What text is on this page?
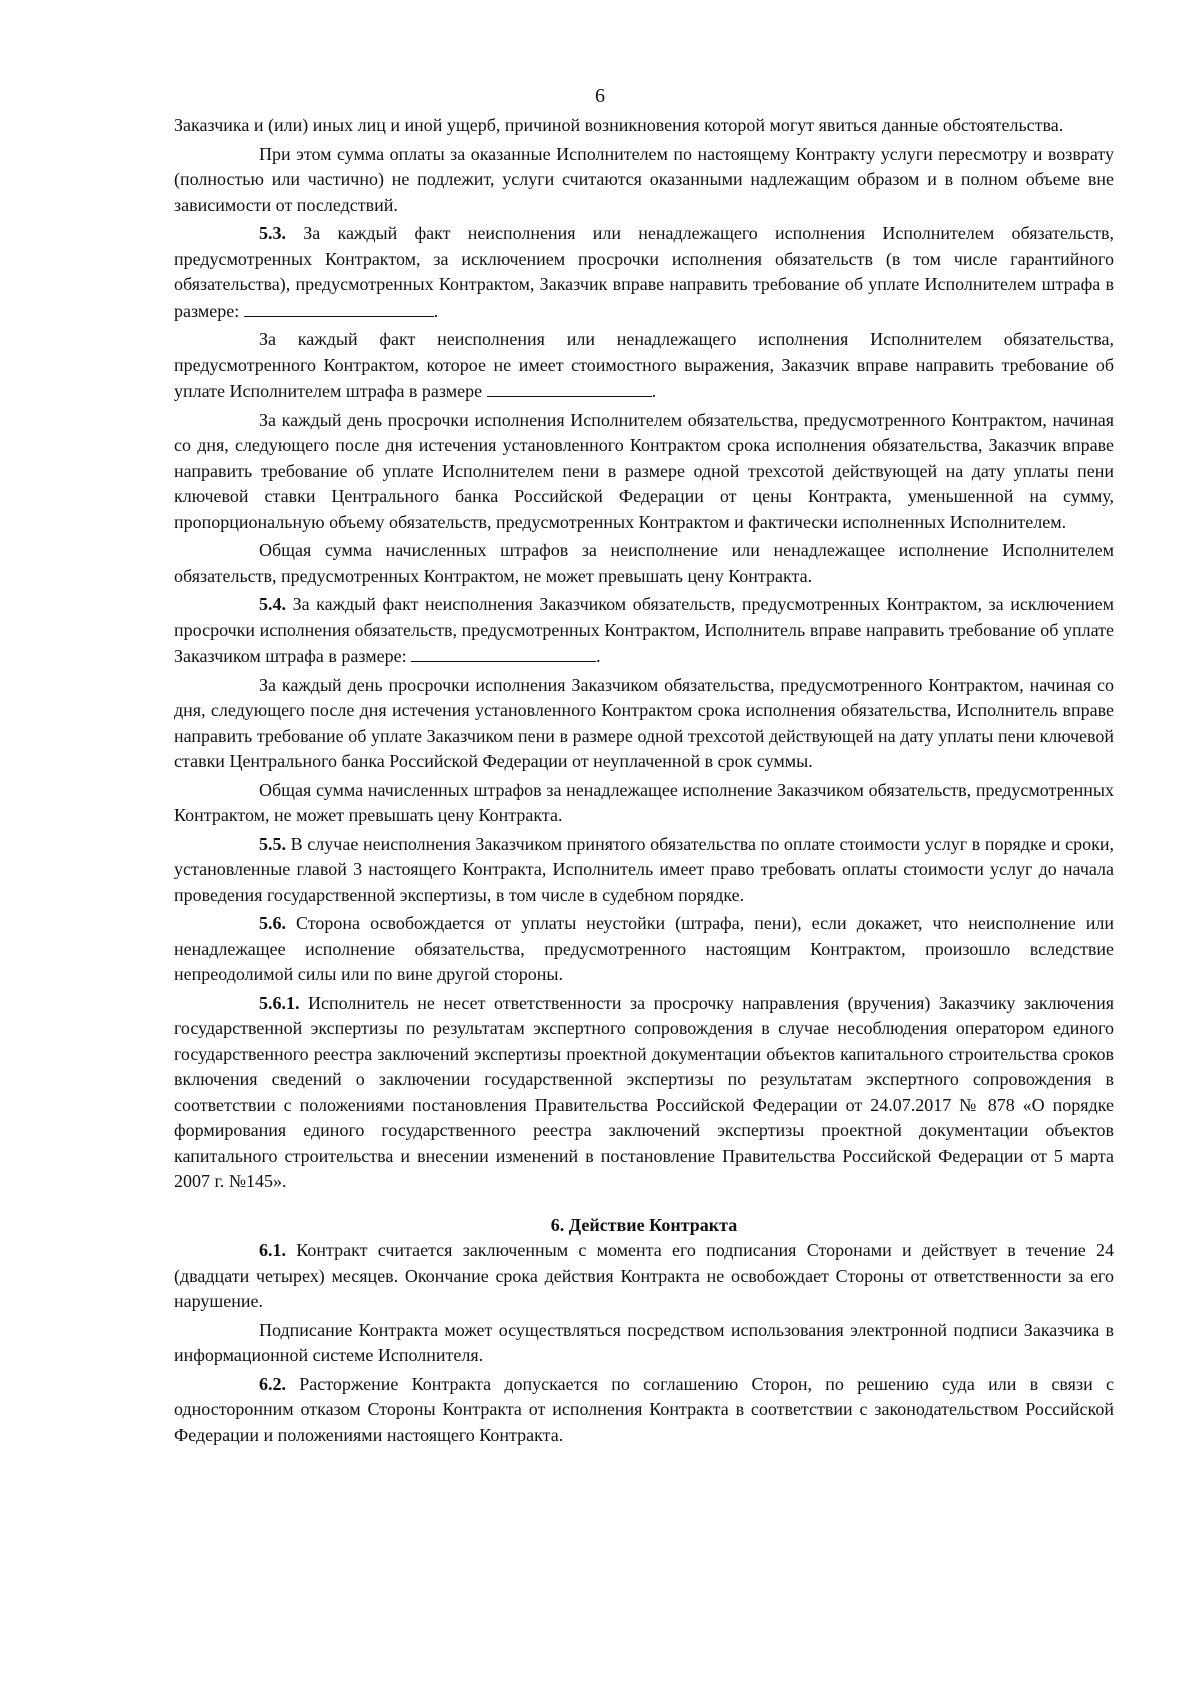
6

Заказчика и (или) иных лиц и иной ущерб, причиной возникновения которой могут явиться данные обстоятельства.

При этом сумма оплаты за оказанные Исполнителем по настоящему Контракту услуги пересмотру и возврату (полностью или частично) не подлежит, услуги считаются оказанными надлежащим образом и в полном объеме вне зависимости от последствий.

5.3. За каждый факт неисполнения или ненадлежащего исполнения Исполнителем обязательств, предусмотренных Контрактом, за исключением просрочки исполнения обязательств (в том числе гарантийного обязательства), предусмотренных Контрактом, Заказчик вправе направить требование об уплате Исполнителем штрафа в размере:	.

За каждый факт неисполнения или ненадлежащего исполнения Исполнителем обязательства, предусмотренного Контрактом, которое не имеет стоимостного выражения, Заказчик вправе направить требование об уплате Исполнителем штрафа в размере	.

За каждый день просрочки исполнения Исполнителем обязательства, предусмотренного Контрактом, начиная со дня, следующего после дня истечения установленного Контрактом срока исполнения обязательства, Заказчик вправе направить требование об уплате Исполнителем пени в размере одной трехсотой действующей на дату уплаты пени ключевой ставки Центрального банка Российской Федерации от цены Контракта, уменьшенной на сумму, пропорциональную объему обязательств, предусмотренных Контрактом и фактически исполненных Исполнителем.

Общая сумма начисленных штрафов за неисполнение или ненадлежащее исполнение Исполнителем обязательств, предусмотренных Контрактом, не может превышать цену Контракта.

5.4. За каждый факт неисполнения Заказчиком обязательств, предусмотренных Контрактом, за исключением просрочки исполнения обязательств, предусмотренных Контрактом, Исполнитель вправе направить требование об уплате Заказчиком штрафа в размере:	.

За каждый день просрочки исполнения Заказчиком обязательства, предусмотренного Контрактом, начиная со дня, следующего после дня истечения установленного Контрактом срока исполнения обязательства, Исполнитель вправе направить требование об уплате Заказчиком пени в размере одной трехсотой действующей на дату уплаты пени ключевой ставки Центрального банка Российской Федерации от неуплаченной в срок суммы.

Общая сумма начисленных штрафов за ненадлежащее исполнение Заказчиком обязательств, предусмотренных Контрактом, не может превышать цену Контракта.

5.5. В случае неисполнения Заказчиком принятого обязательства по оплате стоимости услуг в порядке и сроки, установленные главой 3 настоящего Контракта, Исполнитель имеет право требовать оплаты стоимости услуг до начала проведения государственной экспертизы, в том числе в судебном порядке.

5.6. Сторона освобождается от уплаты неустойки (штрафа, пени), если докажет, что неисполнение или ненадлежащее исполнение обязательства, предусмотренного настоящим Контрактом, произошло вследствие непреодолимой силы или по вине другой стороны.

5.6.1. Исполнитель не несет ответственности за просрочку направления (вручения) Заказчику заключения государственной экспертизы по результатам экспертного сопровождения в случае несоблюдения оператором единого государственного реестра заключений экспертизы проектной документации объектов капитального строительства сроков включения сведений о заключении государственной экспертизы по результатам экспертного сопровождения в соответствии с положениями постановления Правительства Российской Федерации от 24.07.2017 № 878 «О порядке формирования единого государственного реестра заключений экспертизы проектной документации объектов капитального строительства и внесении изменений в постановление Правительства Российской Федерации от 5 марта 2007 г. №145».

6. Действие Контракта

6.1. Контракт считается заключенным с момента его подписания Сторонами и действует в течение 24 (двадцати четырех) месяцев. Окончание срока действия Контракта не освобождает Стороны от ответственности за его нарушение.

Подписание Контракта может осуществляться посредством использования электронной подписи Заказчика в информационной системе Исполнителя.

6.2. Расторжение Контракта допускается по соглашению Сторон, по решению суда или в связи с односторонним отказом Стороны Контракта от исполнения Контракта в соответствии с законодательством Российской Федерации и положениями настоящего Контракта.
